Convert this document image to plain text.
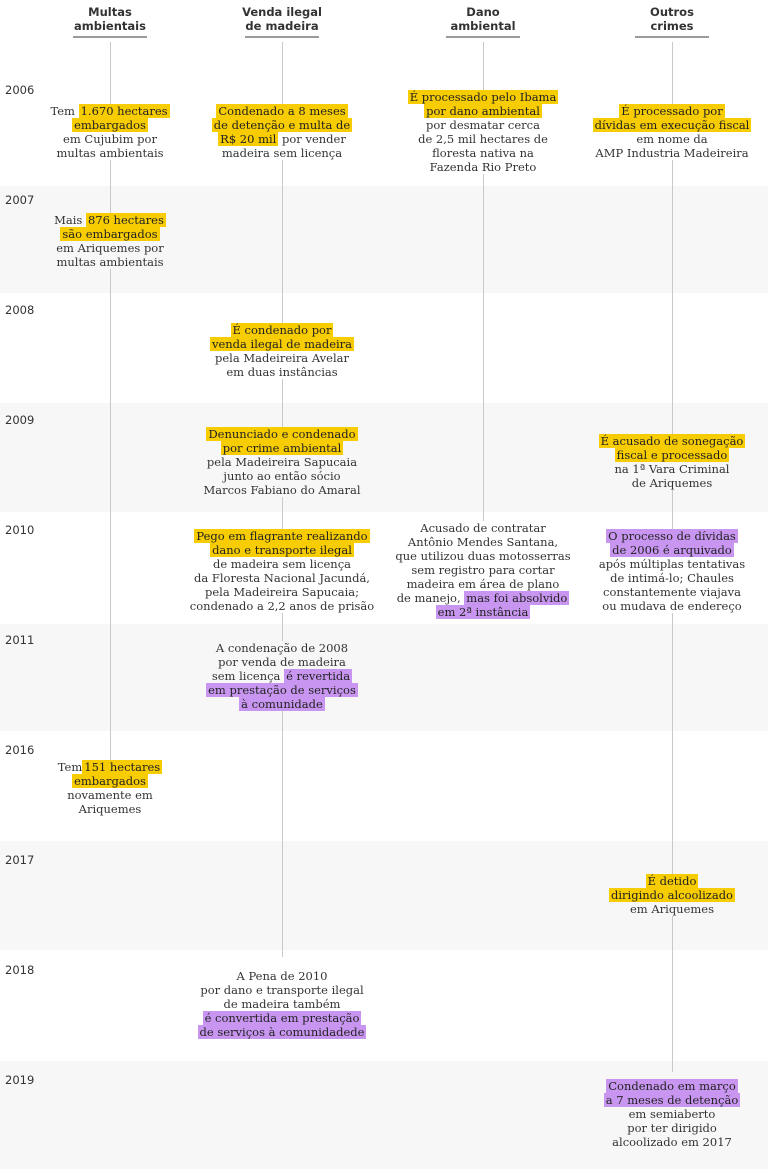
Multas
ambientais
Venda ilegal
de madeira
Dano
ambiental
Outros
crimes
2006
2007
2008
2009
2010
2011
2016
2017
2018
2019
Tem 1.670 hectares
embargados
em Cujubim por
multas ambientais
Mais 876 hectares
são embargados
em Ariquemes por
multas ambientais
Tem 151 hectares
embargados
novamente em
Ariquemes
Condenado a 8 meses
de detenção e multa de
R$ 20 mil por vender
madeira sem licença
É condenado por
venda ilegal de madeira
pela Madeireira Avelar
em duas instâncias
Denunciado e condenado
por crime ambiental
pela Madeireira Sapucaia
junto ao então sócio
Marcos Fabiano do Amaral
Pego em flagrante realizando
dano e transporte ilegal
de madeira sem licença
da Floresta Nacional Jacundá,
pela Madeireira Sapucaia;
condenado a 2,2 anos de prisão
A condenação de 2008
por venda de madeira
sem licença é revertida
em prestação de serviços
à comunidade
A Pena de 2010
por dano e transporte ilegal
de madeira também
é convertida em prestação
de serviços à comunidadede
É processado pelo Ibama
por dano ambiental
por desmatar cerca
de 2,5 mil hectares de
floresta nativa na
Fazenda Rio Preto
Acusado de contratar
Antônio Mendes Santana,
que utilizou duas motosserras
sem registro para cortar
madeira em área de plano
de manejo, mas foi absolvido
em 2ª instância
É processado por
dívidas em execução fiscal
em nome da
AMP Industria Madeireira
É acusado de sonegação
fiscal e processado
na 1ª Vara Criminal
de Ariquemes
O processo de dívidas
de 2006 é arquivado
após múltiplas tentativas
de intimá-lo; Chaules
constantemente viajava
ou mudava de endereço
É detido
dirigindo alcoolizado
em Ariquemes
Condenado em março
a 7 meses de detenção
em semiaberto
por ter dirigido
alcoolizado em 2017
